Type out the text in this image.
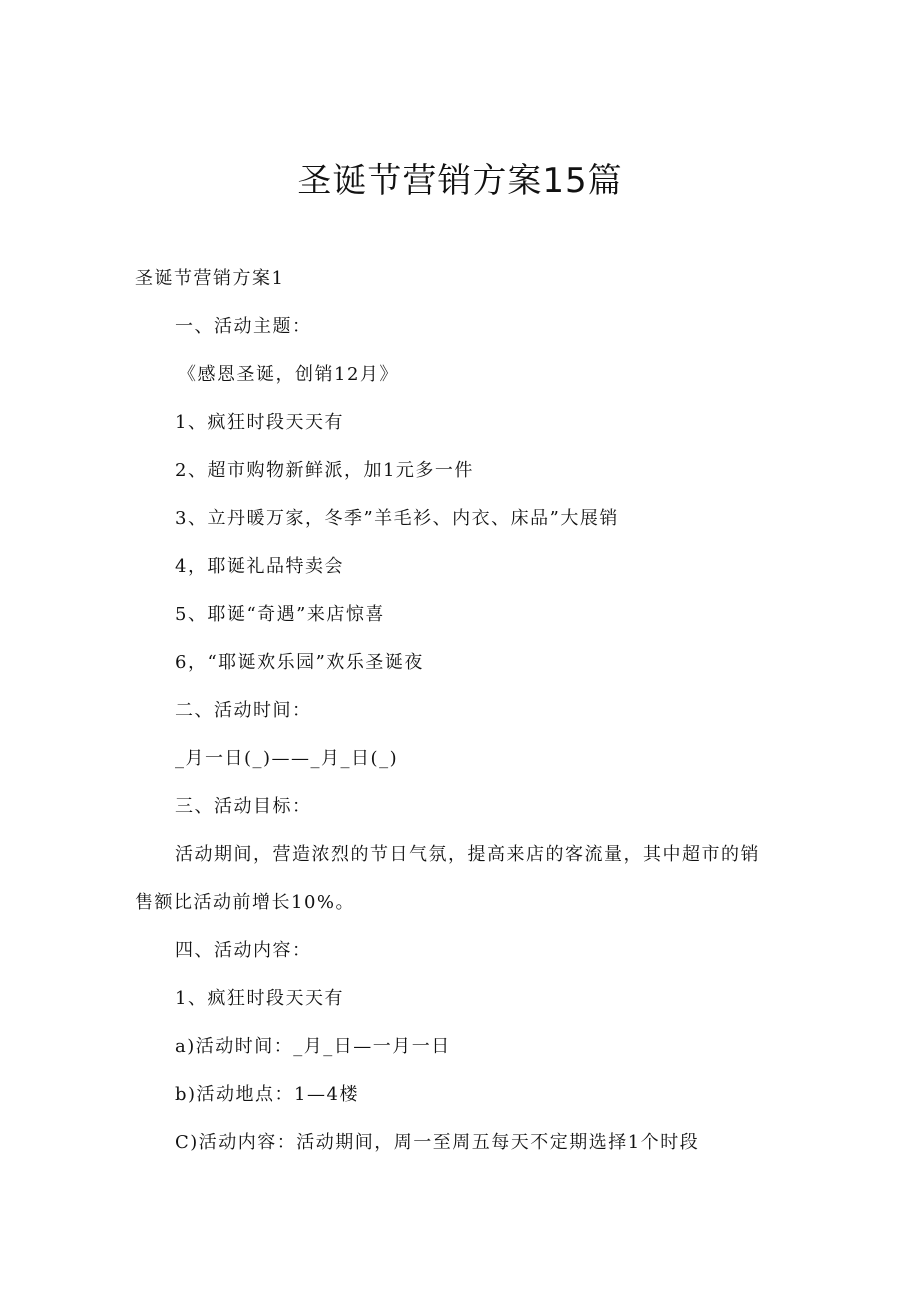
圣诞节营销方案15篇

圣诞节营销方案1

一、活动主题：

《感恩圣诞，创销12月》

1、疯狂时段天天有

2、超市购物新鲜派，加1元多一件

3、立丹暖万家，冬季”羊毛衫、内衣、床品”大展销

4，耶诞礼品特卖会

5、耶诞“奇遇”来店惊喜

6，“耶诞欢乐园”欢乐圣诞夜

二、活动时间：

_月一日(_)——_月_日(_)

三、活动目标：

活动期间，营造浓烈的节日气氛，提高来店的客流量，其中超市的销

售额比活动前增长10%。

四、活动内容：

1、疯狂时段天天有

a)活动时间：_月_日—一月一日

b)活动地点：1—4楼

C)活动内容：活动期间，周一至周五每天不定期选择1个时段
